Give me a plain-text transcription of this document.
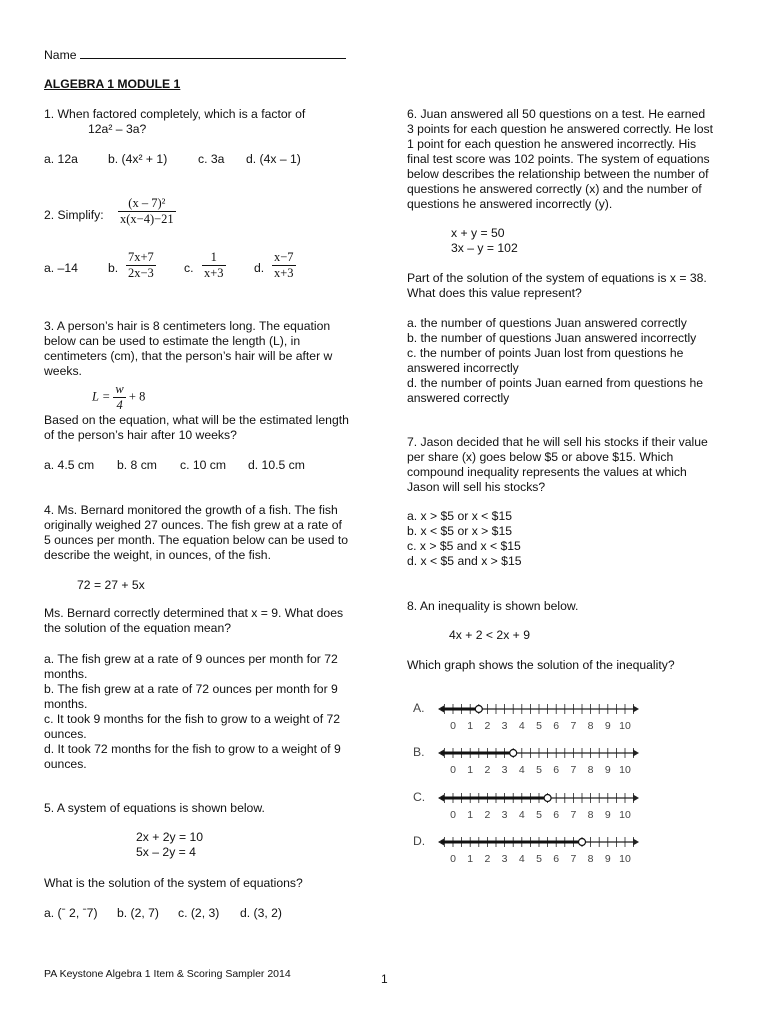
Name
ALGEBRA 1 MODULE 1
1. When factored completely, which is a factor of
12a² – 3a?
a. 12a b. (4x² + 1)	c. 3a d. (4x – 1)
2. Simplify: $\frac{\text{(x – 7)²}}{x(x-4)-21}$
a. –14 b. $\frac{7x+7}{2x-3} c$. $\frac{1}{x+3} d$. $\frac{x-7}{x+3}$
3. A person’s hair is 8 centimeters long. The equation
below can be used to estimate the length (L), in
centimeters (cm), that the person’s hair will be after w
weeks.
$L = \frac{w}{4} + 8$
Based on the equation, what will be the estimated length
of the person’s hair after 10 weeks?
a. 4.5 cm b. 8 cm c. 10 cm d. 10.5 cm
4. Ms. Bernard monitored the growth of a fish. The fish
originally weighed 27 ounces. The fish grew at a rate of
5 ounces per month. The equation below can be used to
describe the weight, in ounces, of the fish.
72 = 27 + 5x
Ms. Bernard correctly determined that x = 9. What does
the solution of the equation mean?
a. The fish grew at a rate of 9 ounces per month for 72
months.
b. The fish grew at a rate of 72 ounces per month for 9
months.
c. It took 9 months for the fish to grow to a weight of 72
ounces.
d. It took 72 months for the fish to grow to a weight of 9
ounces.
5. A system of equations is shown below.
2x + 2y = 10
5x – 2y = 4
What is the solution of the system of equations?
a. (ˉ 2, ˉ7) b. (2, 7) c. (2, 3) d. (3, 2)
6. Juan answered all 50 questions on a test. He earned
3 points for each question he answered correctly. He lost
1 point for each question he answered incorrectly. His
final test score was 102 points. The system of equations
below describes the relationship between the number of
questions he answered correctly (x) and the number of
questions he answered incorrectly (y).
x + y = 50
3x – y = 102
Part of the solution of the system of equations is x = 38.
What does this value represent?
a. the number of questions Juan answered correctly
b. the number of questions Juan answered incorrectly
c. the number of points Juan lost from questions he
answered incorrectly
d. the number of points Juan earned from questions he
answered correctly
7. Jason decided that he will sell his stocks if their value
per share (x) goes below $5 or above $15. Which
compound inequality represents the values at which
Jason will sell his stocks?
a. x > $5 or x < $15
b. x < $5 or x > $15
c. x > $5 and x < $15
d. x < $5 and x > $15
8. An inequality is shown below.
4x + 2 < 2x + 9
Which graph shows the solution of the inequality?
A.
0 1 2 3 4 5 6 7 8 9 10
B.
0 1 2 3 4 5 6 7 8 9 10
C.
0 1 2 3 4 5 6 7 8 9 10
D.
0 1 2 3 4 5 6 7 8 9 10
PA Keystone Algebra 1 Item & Scoring Sampler 2014	1
